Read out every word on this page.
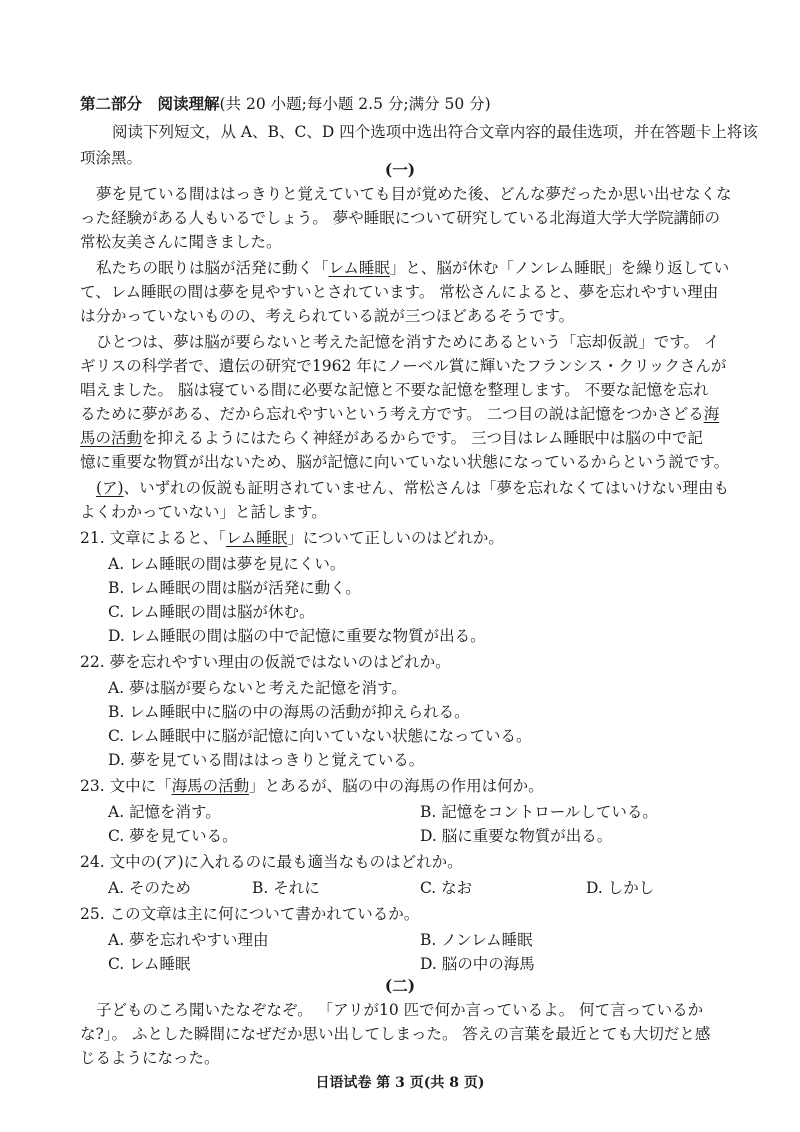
第二部分　阅读理解(共 20 小题;每小题 2.5 分;满分 50 分)
阅读下列短文，从 A、B、C、D 四个选项中选出符合文章内容的最佳选项，并在答题卡上将该
项涂黑。
(一)
夢を見ている間ははっきりと覚えていても目が覚めた後、どんな夢だったか思い出せなくな
った経験がある人もいるでしょう。 夢や睡眠について研究している北海道大学大学院講師の
常松友美さんに聞きました。
私たちの眠りは脳が活発に動く「レム睡眠」と、脳が休む「ノンレム睡眠」を繰り返してい
て、レム睡眠の間は夢を見やすいとされています。 常松さんによると、夢を忘れやすい理由
は分かっていないものの、考えられている説が三つほどあるそうです。
ひとつは、夢は脳が要らないと考えた記憶を消すためにあるという「忘却仮説」です。 イ
ギリスの科学者で、遺伝の研究で1962 年にノーベル賞に輝いたフランシス・クリックさんが
唱えました。 脳は寝ている間に必要な記憶と不要な記憶を整理します。 不要な記憶を忘れ
るために夢がある、だから忘れやすいという考え方です。 二つ目の説は記憶をつかさどる海
馬の活動を抑えるようにはたらく神経があるからです。 三つ目はレム睡眠中は脳の中で記
憶に重要な物質が出ないため、脳が記憶に向いていない状態になっているからという説です。
(ア)、いずれの仮説も証明されていません、常松さんは「夢を忘れなくてはいけない理由も
よくわかっていない」と話します。
21. 文章によると、「レム睡眠」について正しいのはどれか。
A. レム睡眠の間は夢を見にくい。
B. レム睡眠の間は脳が活発に動く。
C. レム睡眠の間は脳が休む。
D. レム睡眠の間は脳の中で記憶に重要な物質が出る。
22. 夢を忘れやすい理由の仮説ではないのはどれか。
A. 夢は脳が要らないと考えた記憶を消す。
B. レム睡眠中に脳の中の海馬の活動が抑えられる。
C. レム睡眠中に脳が記憶に向いていない状態になっている。
D. 夢を見ている間ははっきりと覚えている。
23. 文中に「海馬の活動」とあるが、脳の中の海馬の作用は何か。
A. 記憶を消す。	B. 記憶をコントロールしている。
C. 夢を見ている。	D. 脳に重要な物質が出る。
24. 文中の(ア)に入れるのに最も適当なものはどれか。
A. そのため	B. それに	C. なお	D. しかし
25. この文章は主に何について書かれているか。
A. 夢を忘れやすい理由	B. ノンレム睡眠
C. レム睡眠	D. 脳の中の海馬
(二)
子どものころ聞いたなぞなぞ。 「アリが10 匹で何か言っているよ。 何て言っているか
な?」。 ふとした瞬間になぜだか思い出してしまった。 答えの言葉を最近とても大切だと感
じるようになった。
日语试卷 第 3 页(共 8 页)
